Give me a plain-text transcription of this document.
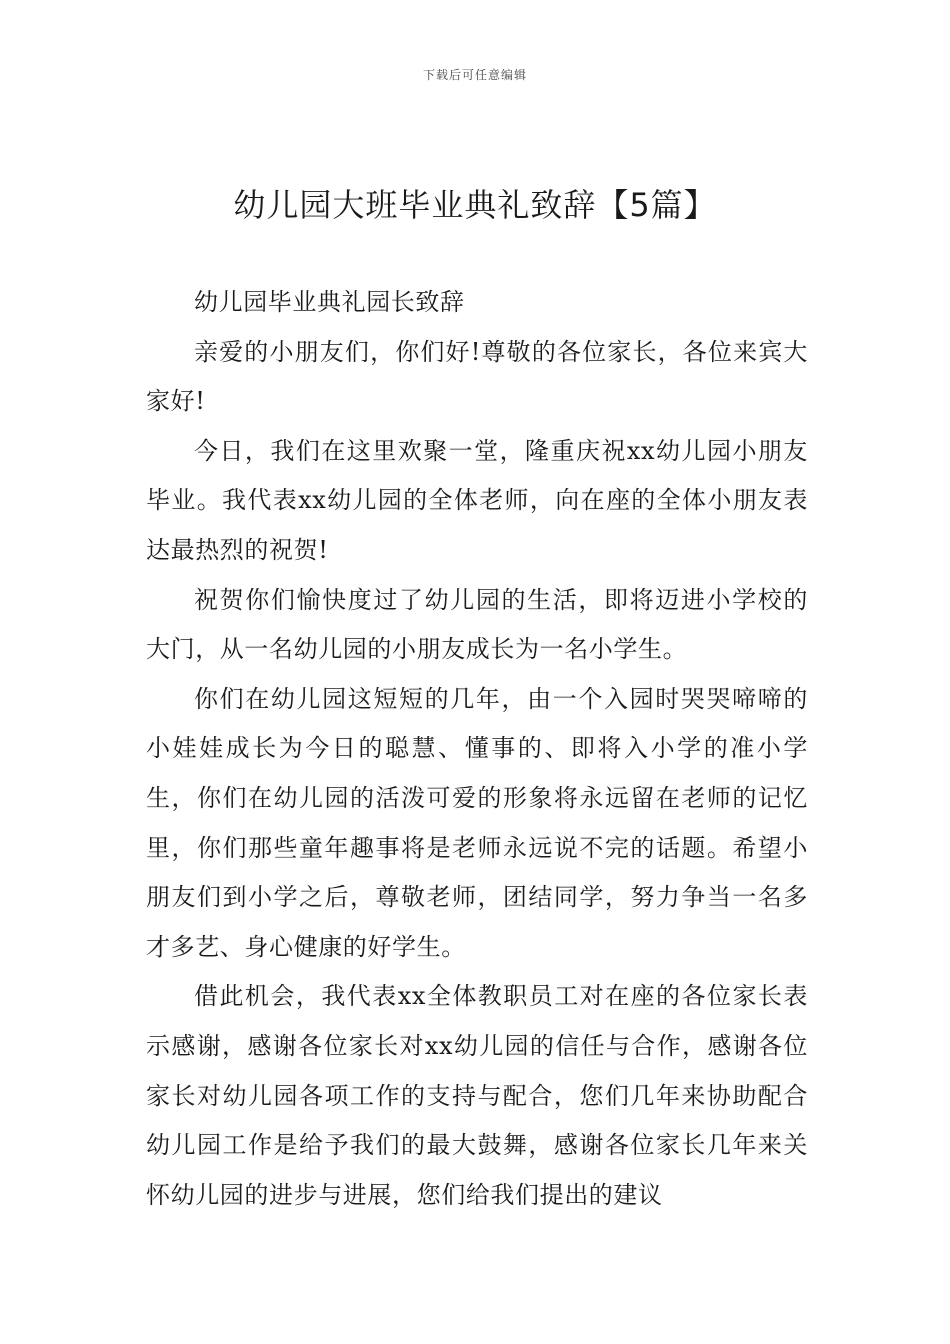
下载后可任意编辑
幼儿园大班毕业典礼致辞【5篇】

幼儿园毕业典礼园长致辞

亲爱的小朋友们，你们好!尊敬的各位家长，各位来宾大家好!

今日，我们在这里欢聚一堂，隆重庆祝xx幼儿园小朋友毕业。我代表xx幼儿园的全体老师，向在座的全体小朋友表达最热烈的祝贺!

祝贺你们愉快度过了幼儿园的生活，即将迈进小学校的大门，从一名幼儿园的小朋友成长为一名小学生。

你们在幼儿园这短短的几年，由一个入园时哭哭啼啼的小娃娃成长为今日的聪慧、懂事的、即将入小学的准小学生，你们在幼儿园的活泼可爱的形象将永远留在老师的记忆里，你们那些童年趣事将是老师永远说不完的话题。希望小朋友们到小学之后，尊敬老师，团结同学，努力争当一名多才多艺、身心健康的好学生。

借此机会，我代表xx全体教职员工对在座的各位家长表示感谢，感谢各位家长对xx幼儿园的信任与合作，感谢各位家长对幼儿园各项工作的支持与配合，您们几年来协助配合幼儿园工作是给予我们的最大鼓舞，感谢各位家长几年来关怀幼儿园的进步与进展，您们给我们提出的建议
